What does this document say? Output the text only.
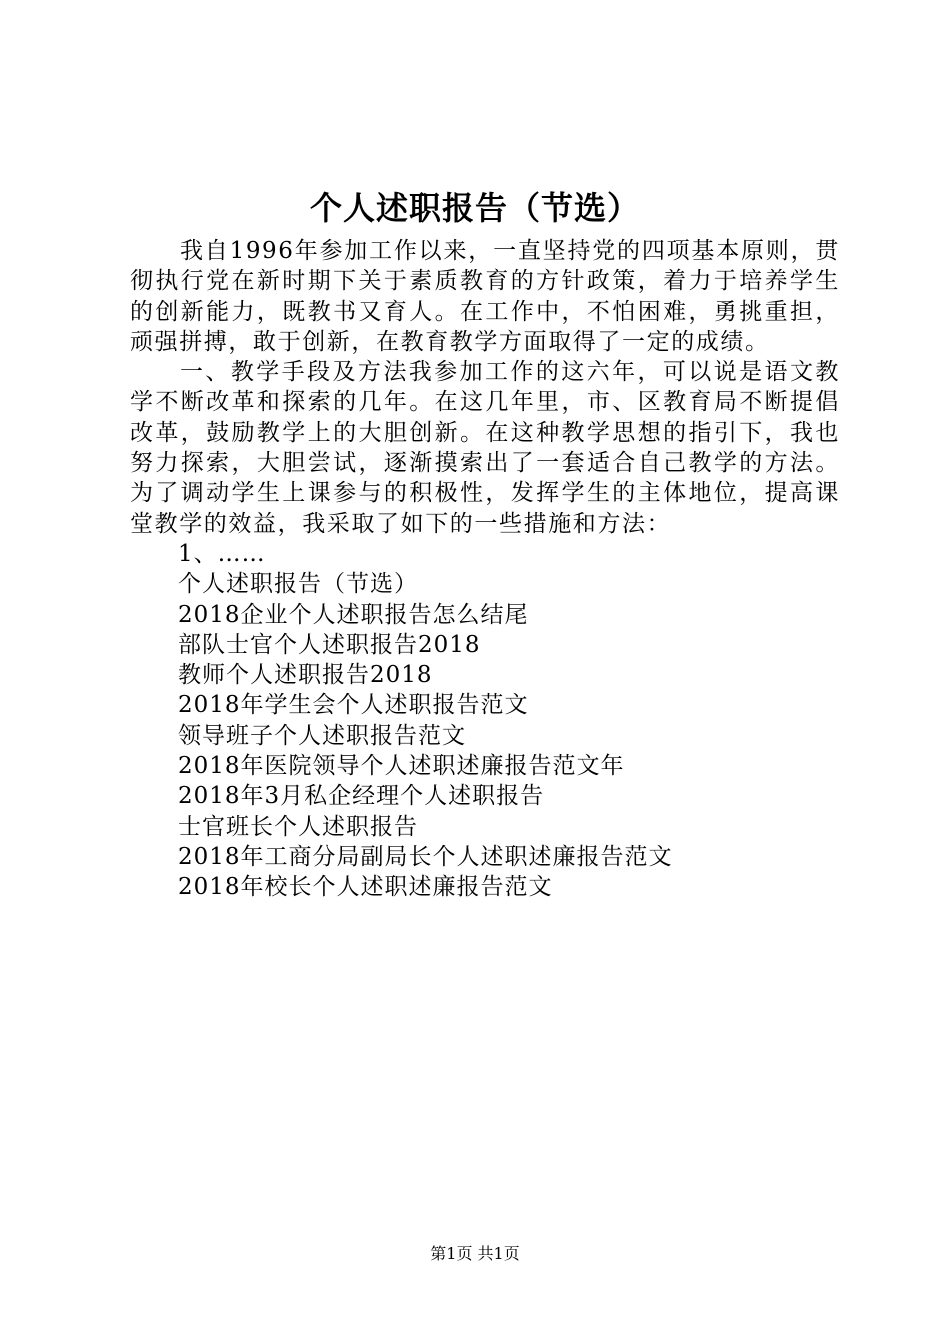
个人述职报告（节选）

我自1996年参加工作以来，一直坚持党的四项基本原则，贯彻执行党在新时期下关于素质教育的方针政策，着力于培养学生的创新能力，既教书又育人。在工作中，不怕困难，勇挑重担，顽强拼搏，敢于创新，在教育教学方面取得了一定的成绩。

一、教学手段及方法我参加工作的这六年，可以说是语文教学不断改革和探索的几年。在这几年里，市、区教育局不断提倡改革，鼓励教学上的大胆创新。在这种教学思想的指引下，我也努力探索，大胆尝试，逐渐摸索出了一套适合自己教学的方法。为了调动学生上课参与的积极性，发挥学生的主体地位，提高课堂教学的效益，我采取了如下的一些措施和方法：

1、……
个人述职报告（节选）
2018企业个人述职报告怎么结尾
部队士官个人述职报告2018
教师个人述职报告2018
2018年学生会个人述职报告范文
领导班子个人述职报告范文
2018年医院领导个人述职述廉报告范文年
2018年3月私企经理个人述职报告
士官班长个人述职报告
2018年工商分局副局长个人述职述廉报告范文
2018年校长个人述职述廉报告范文
第1页 共1页
